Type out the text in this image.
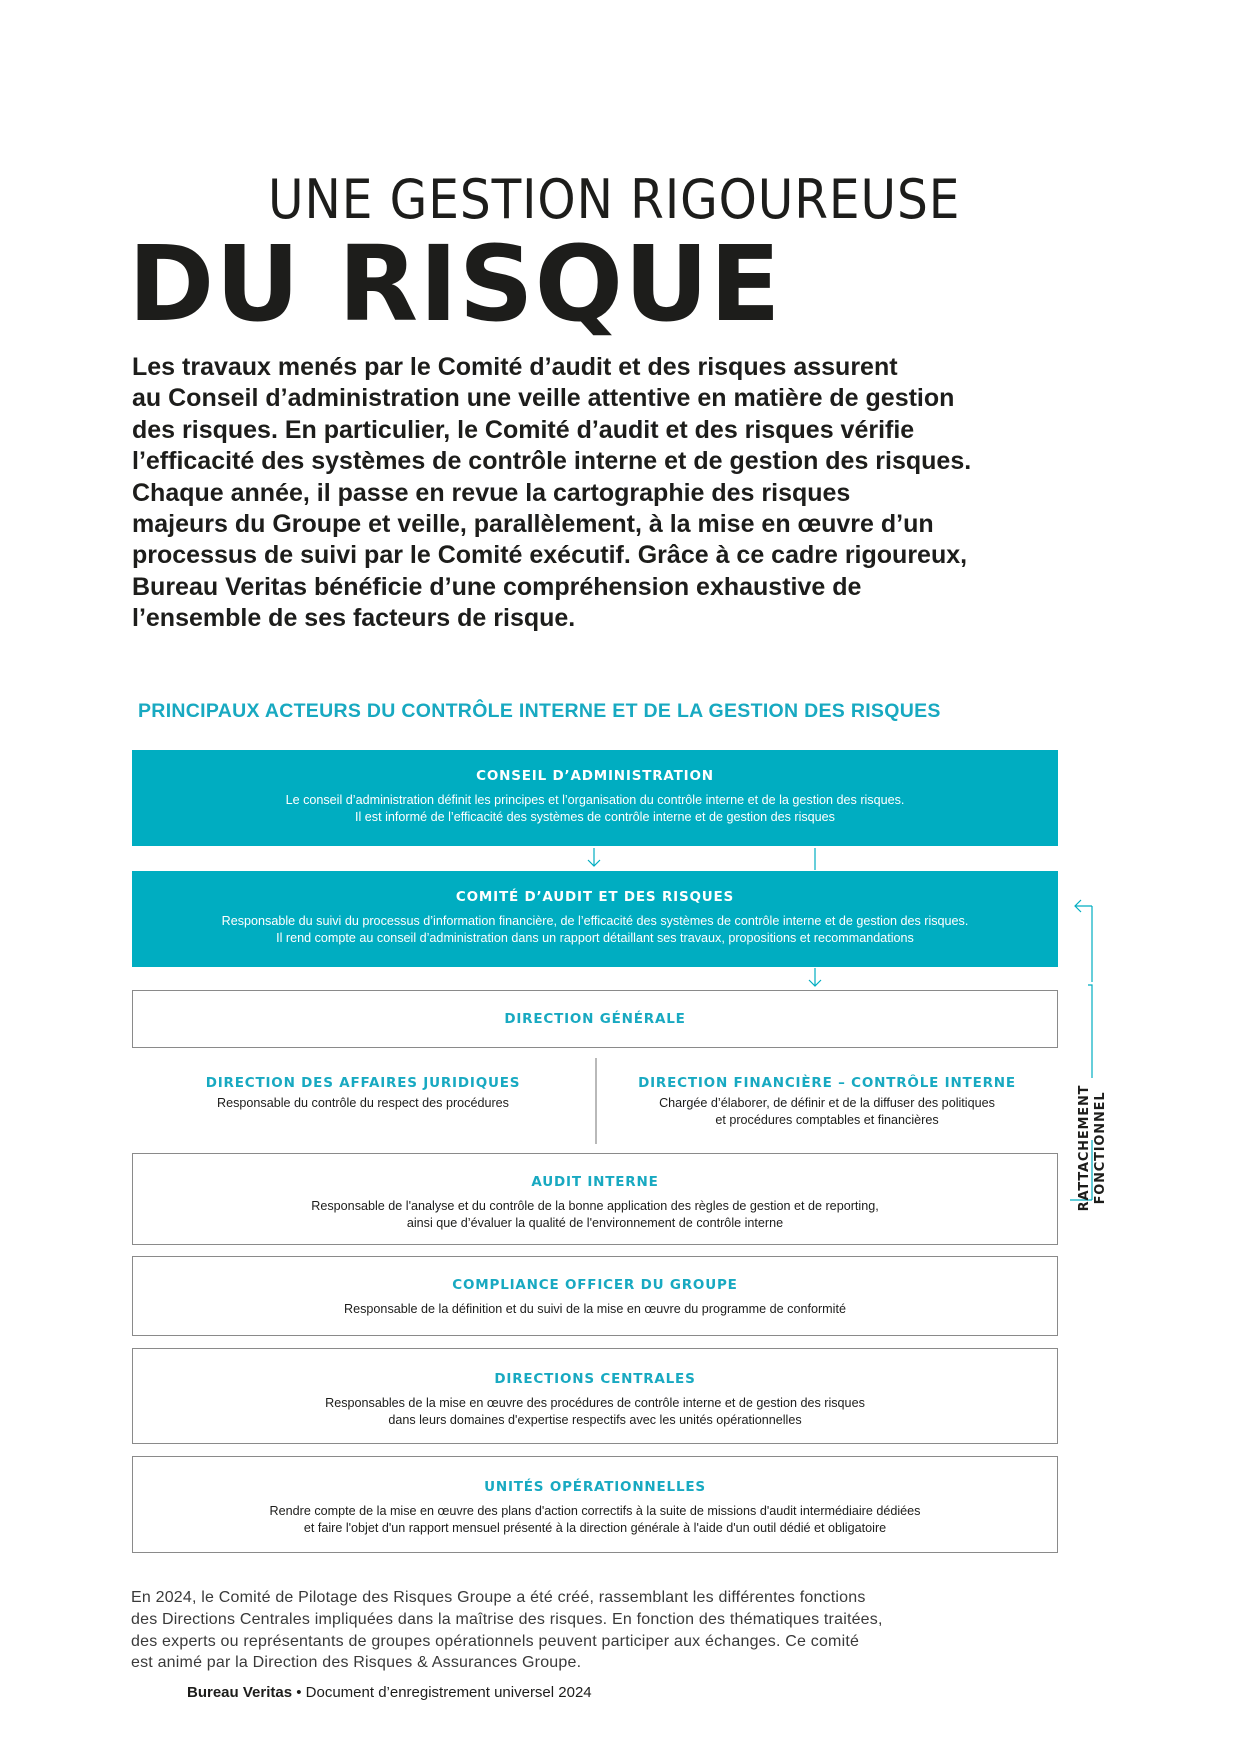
UNE GESTION RIGOUREUSE
DU RISQUE
Les travaux menés par le Comité d’audit et des risques assurent
au Conseil d’administration une veille attentive en matière de gestion
des risques. En particulier, le Comité d’audit et des risques vérifie
l’efficacité des systèmes de contrôle interne et de gestion des risques.
Chaque année, il passe en revue la cartographie des risques
majeurs du Groupe et veille, parallèlement, à la mise en œuvre d’un
processus de suivi par le Comité exécutif. Grâce à ce cadre rigoureux,
Bureau Veritas bénéficie d’une compréhension exhaustive de
l’ensemble de ses facteurs de risque.
PRINCIPAUX ACTEURS DU CONTRÔLE INTERNE ET DE LA GESTION DES RISQUES
CONSEIL D’ADMINISTRATION
Le conseil d’administration définit les principes et l’organisation du contrôle interne et de la gestion des risques.
Il est informé de l’efficacité des systèmes de contrôle interne et de gestion des risques
COMITÉ D’AUDIT ET DES RISQUES
Responsable du suivi du processus d’information financière, de l’efficacité des systèmes de contrôle interne et de gestion des risques.
Il rend compte au conseil d’administration dans un rapport détaillant ses travaux, propositions et recommandations
DIRECTION GÉNÉRALE
DIRECTION DES AFFAIRES JURIDIQUES
Responsable du contrôle du respect des procédures
DIRECTION FINANCIÈRE – CONTRÔLE INTERNE
Chargée d’élaborer, de définir et de la diffuser des politiques
et procédures comptables et financières
AUDIT INTERNE
Responsable de l'analyse et du contrôle de la bonne application des règles de gestion et de reporting,
ainsi que d’évaluer la qualité de l'environnement de contrôle interne
COMPLIANCE OFFICER DU GROUPE
Responsable de la définition et du suivi de la mise en œuvre du programme de conformité
DIRECTIONS CENTRALES
Responsables de la mise en œuvre des procédures de contrôle interne et de gestion des risques
dans leurs domaines d'expertise respectifs avec les unités opérationnelles
UNITÉS OPÉRATIONNELLES
Rendre compte de la mise en œuvre des plans d'action correctifs à la suite de missions d'audit intermédiaire dédiées
et faire l'objet d'un rapport mensuel présenté à la direction générale à l'aide d'un outil dédié et obligatoire
RATTACHEMENT FONCTIONNEL
En 2024, le Comité de Pilotage des Risques Groupe a été créé, rassemblant les différentes fonctions
des Directions Centrales impliquées dans la maîtrise des risques. En fonction des thématiques traitées,
des experts ou représentants de groupes opérationnels peuvent participer aux échanges. Ce comité
est animé par la Direction des Risques & Assurances Groupe.
Bureau Veritas • Document d’enregistrement universel 2024
